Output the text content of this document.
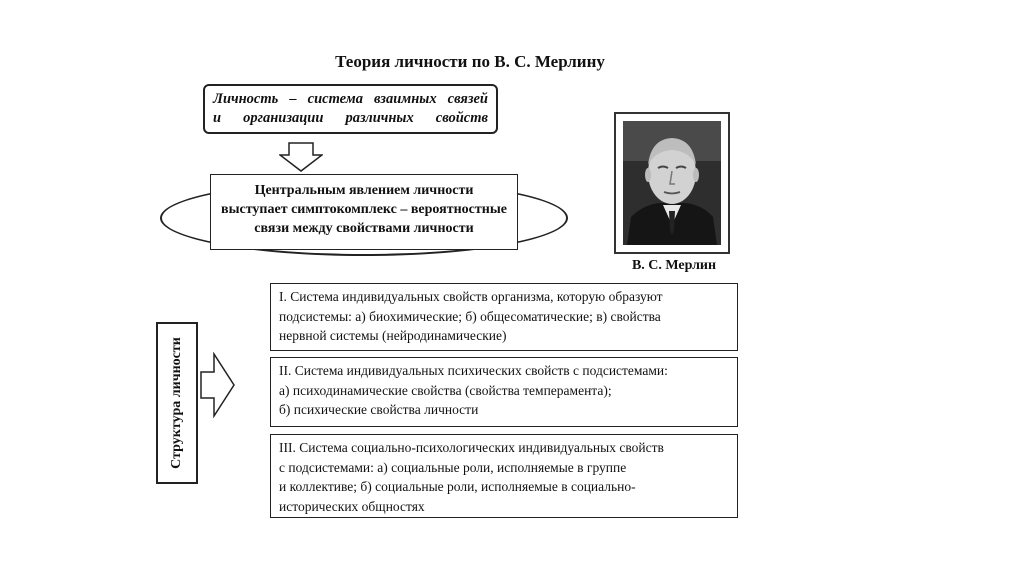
Теория личности по В. С. Мерлину
Личность – система взаимных связей
и организации различных свойств
Центральным явлением личности
выступает симптокомплекс – вероятностные
связи между свойствами личности
В. С. Мерлин
Структура личности
I. Система индивидуальных свойств организма, которую образуют
подсистемы: а) биохимические; б) общесоматические; в) свойства
нервной системы (нейродинамические)
II. Система индивидуальных психических свойств с подсистемами:
а) психодинамические свойства (свойства темперамента);
б) психические свойства личности
III. Система социально-психологических индивидуальных свойств
с подсистемами: а) социальные роли, исполняемые в группе
и коллективе; б) социальные роли, исполняемые в социально-
исторических общностях
